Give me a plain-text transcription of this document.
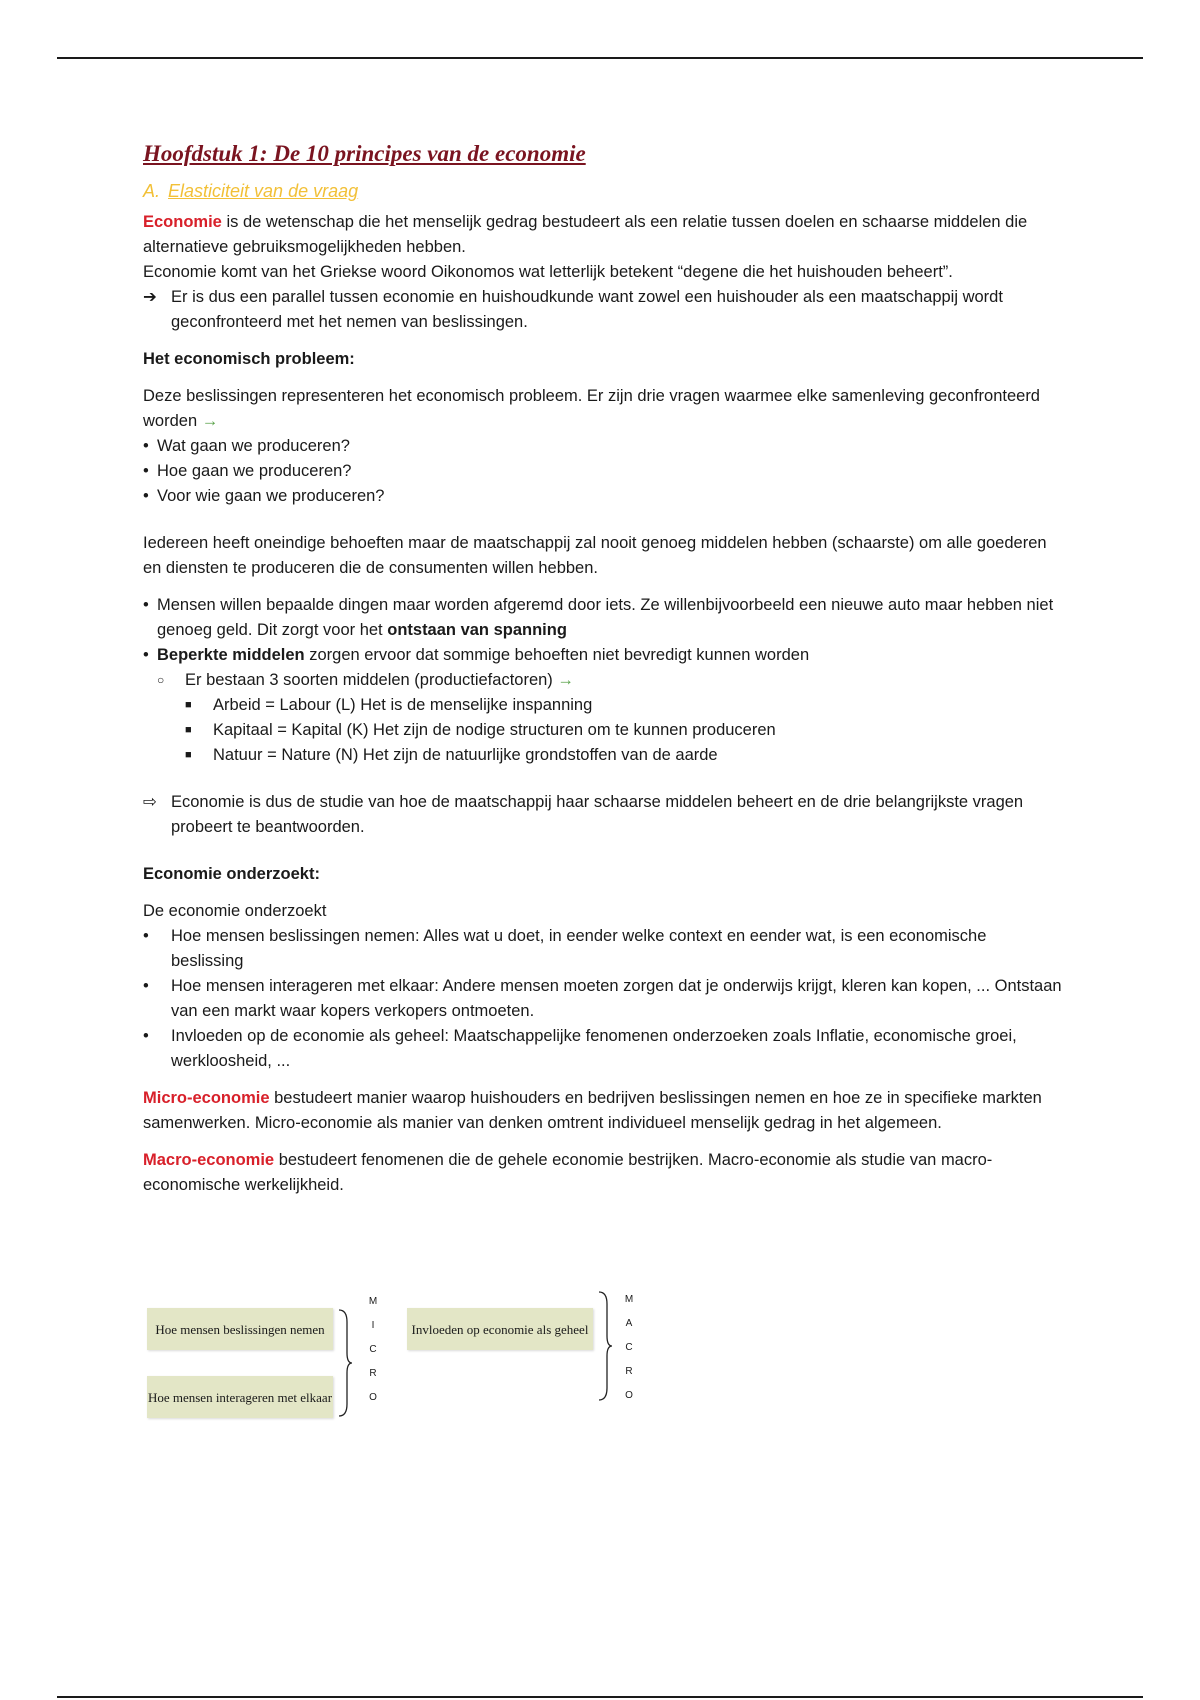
Hoofdstuk 1: De 10 principes van de economie
A. Elasticiteit van de vraag

Economie is de wetenschap die het menselijk gedrag bestudeert als een relatie tussen doelen en schaarse middelen die alternatieve gebruiksmogelijkheden hebben.

Economie komt van het Griekse woord Oikonomos wat letterlijk betekent “degene die het huishouden beheert”.

➔ Er is dus een parallel tussen economie en huishoudkunde want zowel een huishouder als een maatschappij wordt geconfronteerd met het nemen van beslissingen.

Het economisch probleem:

Deze beslissingen representeren het economisch probleem. Er zijn drie vragen waarmee elke samenleving geconfronteerd worden →

• Wat gaan we produceren?
• Hoe gaan we produceren?
• Voor wie gaan we produceren?

Iedereen heeft oneindige behoeften maar de maatschappij zal nooit genoeg middelen hebben (schaarste) om alle goederen en diensten te produceren die de consumenten willen hebben.

• Mensen willen bepaalde dingen maar worden afgeremd door iets. Ze willenbijvoorbeeld een nieuwe auto maar hebben niet genoeg geld. Dit zorgt voor het ontstaan van spanning
• Beperkte middelen zorgen ervoor dat sommige behoeften niet bevredigt kunnen worden
○	Er bestaan 3 soorten middelen (productiefactoren) →
■	Arbeid = Labour (L) Het is de menselijke inspanning
■	Kapitaal = Kapital (K) Het zijn de nodige structuren om te kunnen produceren
■	Natuur = Nature (N) Het zijn de natuurlijke grondstoffen van de aarde
⇨ Economie is dus de studie van hoe de maatschappij haar schaarse middelen beheert en de drie belangrijkste vragen probeert te beantwoorden.

Economie onderzoekt:

De economie onderzoekt

•	Hoe mensen beslissingen nemen: Alles wat u doet, in eender welke context en eender wat, is een economische beslissing
•	Hoe mensen interageren met elkaar: Andere mensen moeten zorgen dat je onderwijs krijgt, kleren kan kopen, ... Ontstaan van een markt waar kopers verkopers ontmoeten.
•	Invloeden op de economie als geheel: Maatschappelijke fenomenen onderzoeken zoals Inflatie, economische groei, werkloosheid, ...

Micro-economie bestudeert manier waarop huishouders en bedrijven beslissingen nemen en hoe ze in specifieke markten samenwerken. Micro-economie als manier van denken omtrent individueel menselijk gedrag in het algemeen.

Macro-economie bestudeert fenomenen die de gehele economie bestrijken. Macro-economie als studie van macro-economische werkelijkheid.

Hoe mensen beslissingen nemen
Hoe mensen interageren met elkaar
M
I
C
R
O
Invloeden op economie als geheel
M
A
C
R
O
